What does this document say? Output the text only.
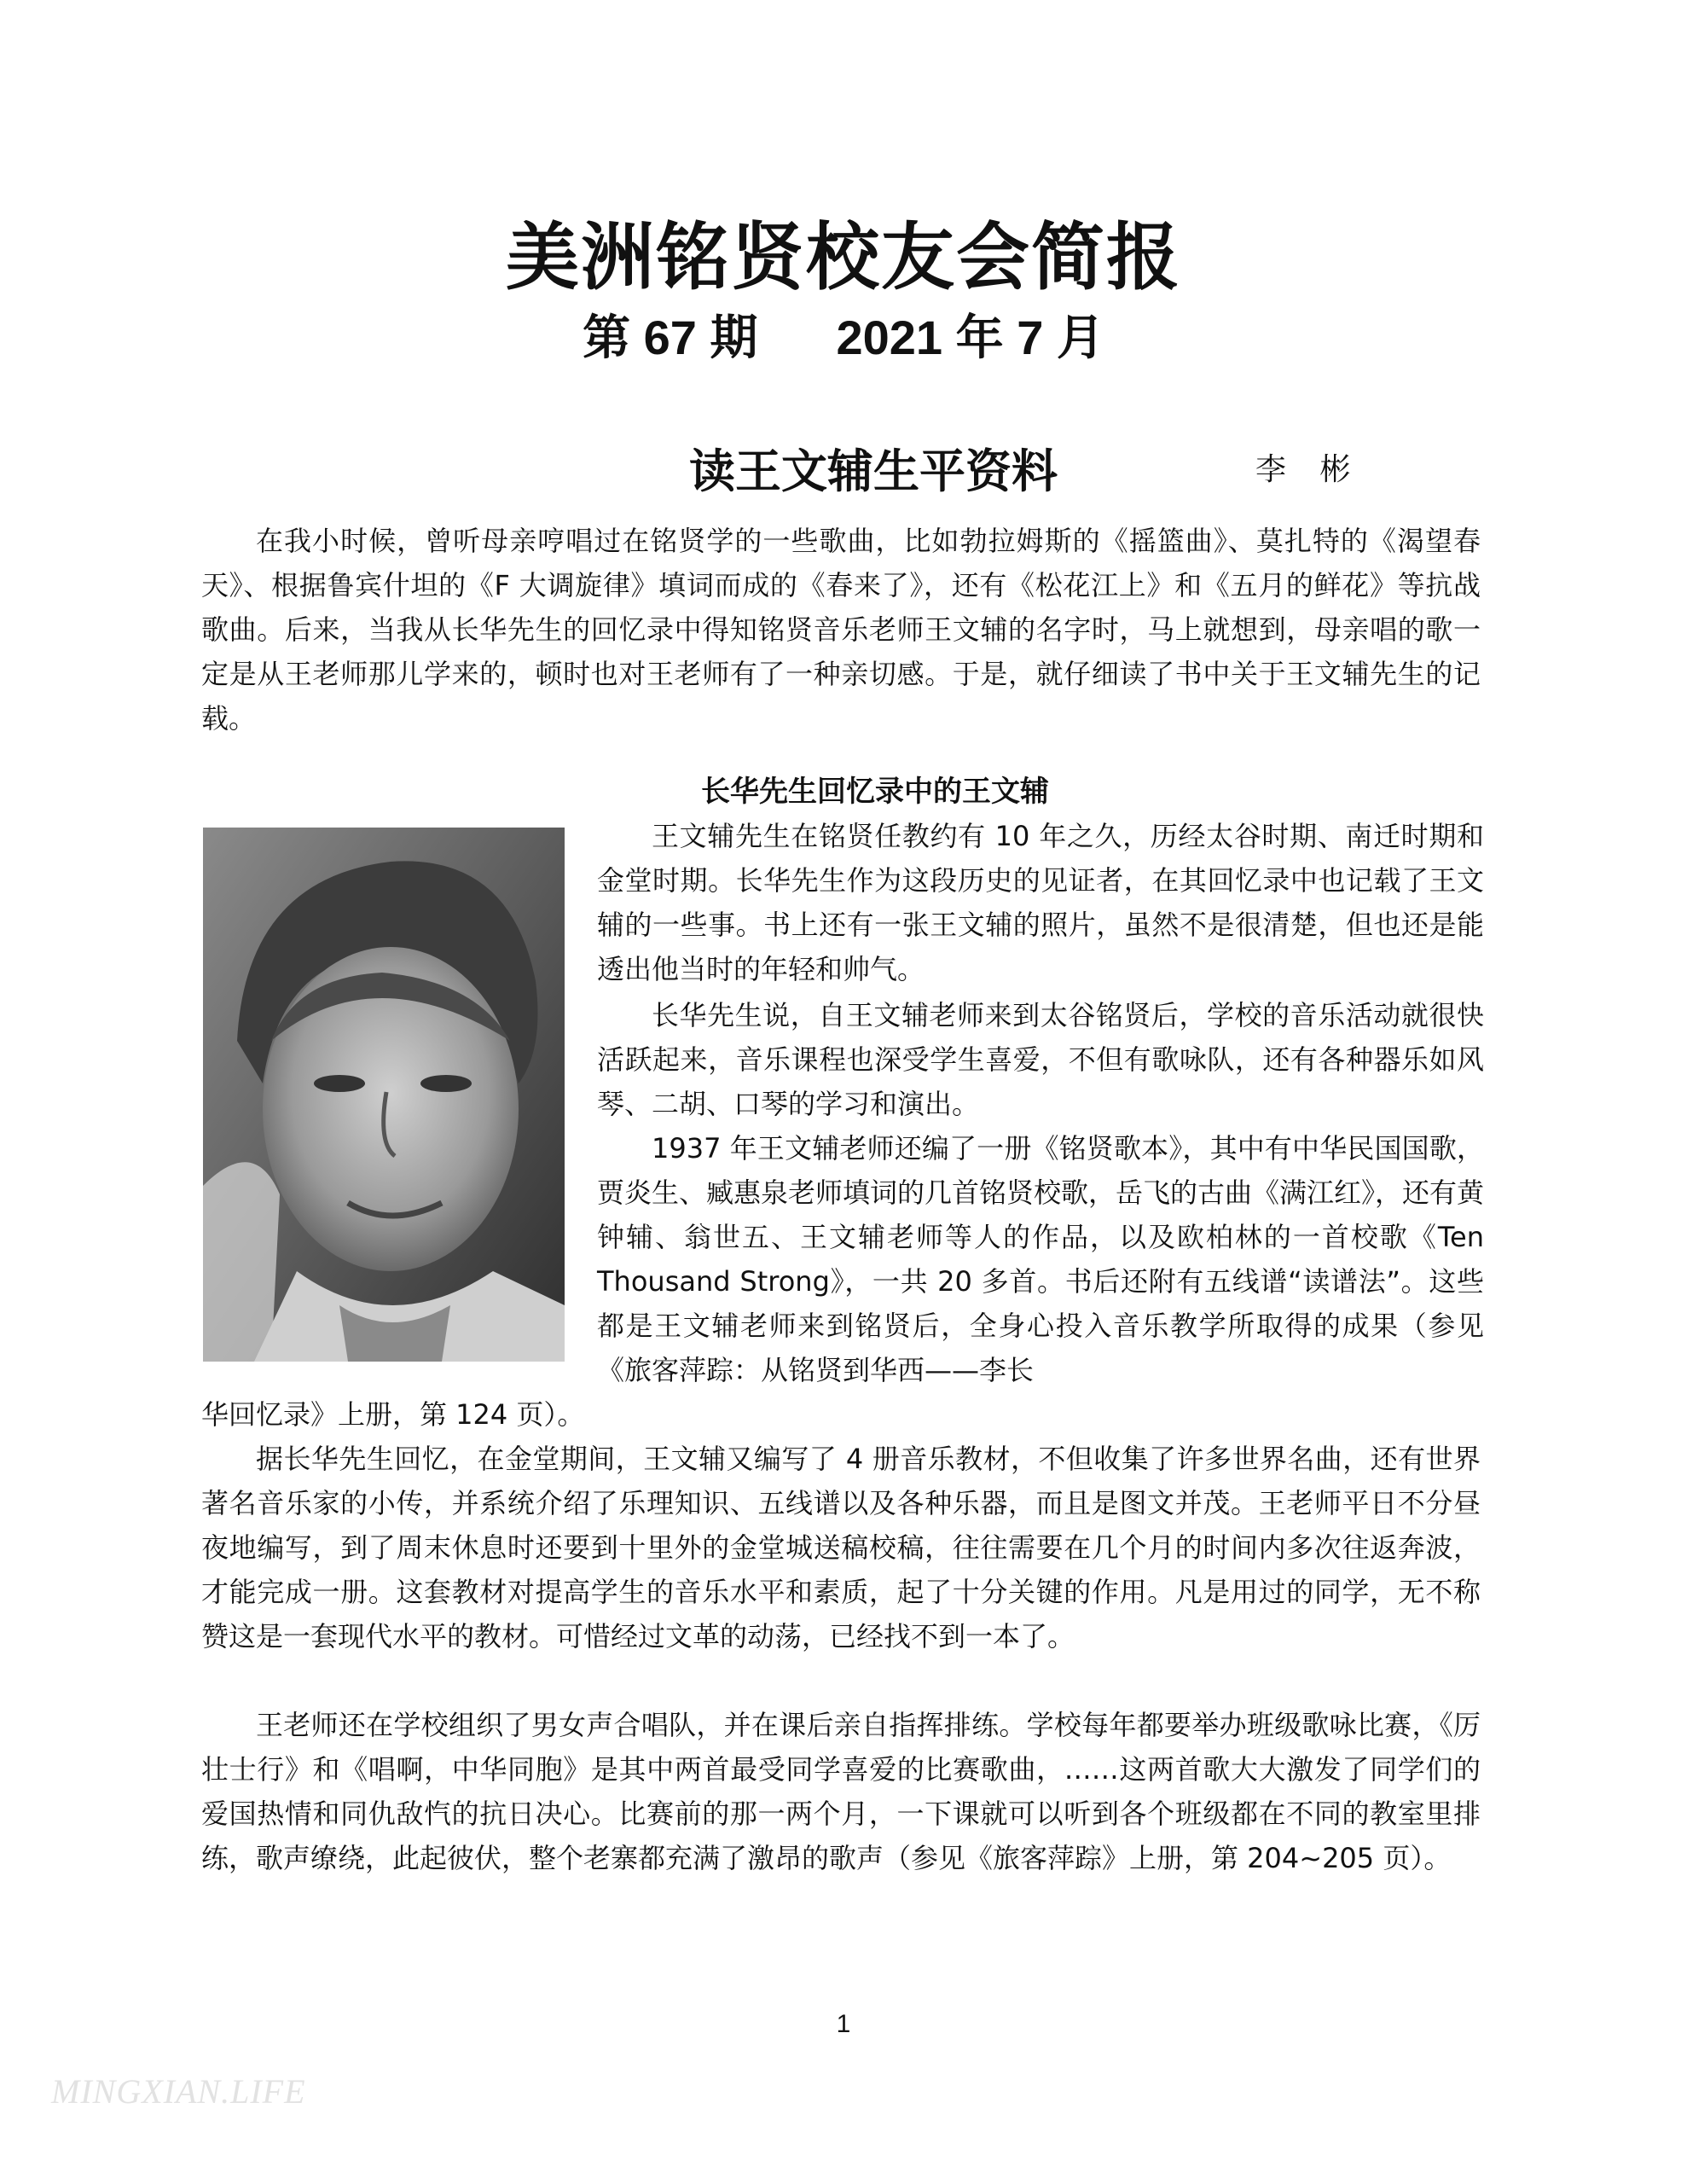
美洲铭贤校友会简报
第 67 期 2021 年 7 月
读王文辅生平资料	李 彬

在我小时候，曾听母亲哼唱过在铭贤学的一些歌曲，比如勃拉姆斯的《摇篮曲》、莫扎特的《渴望春天》、根据鲁宾什坦的《F 大调旋律》填词而成的《春来了》，还有《松花江上》和《五月的鲜花》等抗战歌曲。后来，当我从长华先生的回忆录中得知铭贤音乐老师王文辅的名字时，马上就想到，母亲唱的歌一定是从王老师那儿学来的，顿时也对王老师有了一种亲切感。于是，就仔细读了书中关于王文辅先生的记载。

长华先生回忆录中的王文辅

王文辅先生在铭贤任教约有 10 年之久，历经太谷时期、南迁时期和金堂时期。长华先生作为这段历史的见证者，在其回忆录中也记载了王文辅的一些事。书上还有一张王文辅的照片，虽然不是很清楚，但也还是能透出他当时的年轻和帅气。

长华先生说，自王文辅老师来到太谷铭贤后，学校的音乐活动就很快活跃起来，音乐课程也深受学生喜爱，不但有歌咏队，还有各种器乐如风琴、二胡、口琴的学习和演出。

1937 年王文辅老师还编了一册《铭贤歌本》，其中有中华民国国歌，贾炎生、臧惠泉老师填词的几首铭贤校歌，岳飞的古曲《满江红》，还有黄钟辅、翁世五、王文辅老师等人的作品，以及欧柏林的一首校歌《Ten Thousand Strong》，一共 20 多首。书后还附有五线谱“读谱法”。这些都是王文辅老师来到铭贤后，全身心投入音乐教学所取得的成果（参见《旅客萍踪：从铭贤到华西——李长

华回忆录》上册，第 124 页）。

据长华先生回忆，在金堂期间，王文辅又编写了 4 册音乐教材，不但收集了许多世界名曲，还有世界著名音乐家的小传，并系统介绍了乐理知识、五线谱以及各种乐器，而且是图文并茂。王老师平日不分昼夜地编写，到了周末休息时还要到十里外的金堂城送稿校稿，往往需要在几个月的时间内多次往返奔波，才能完成一册。这套教材对提高学生的音乐水平和素质，起了十分关键的作用。凡是用过的同学，无不称赞这是一套现代水平的教材。可惜经过文革的动荡，已经找不到一本了。

王老师还在学校组织了男女声合唱队，并在课后亲自指挥排练。学校每年都要举办班级歌咏比赛，《厉壮士行》和《唱啊，中华同胞》是其中两首最受同学喜爱的比赛歌曲，……这两首歌大大激发了同学们的爱国热情和同仇敌忾的抗日决心。比赛前的那一两个月，一下课就可以听到各个班级都在不同的教室里排练，歌声缭绕，此起彼伏，整个老寨都充满了激昂的歌声（参见《旅客萍踪》上册，第 204~205 页）。

1
MINGXIAN.LIFE
